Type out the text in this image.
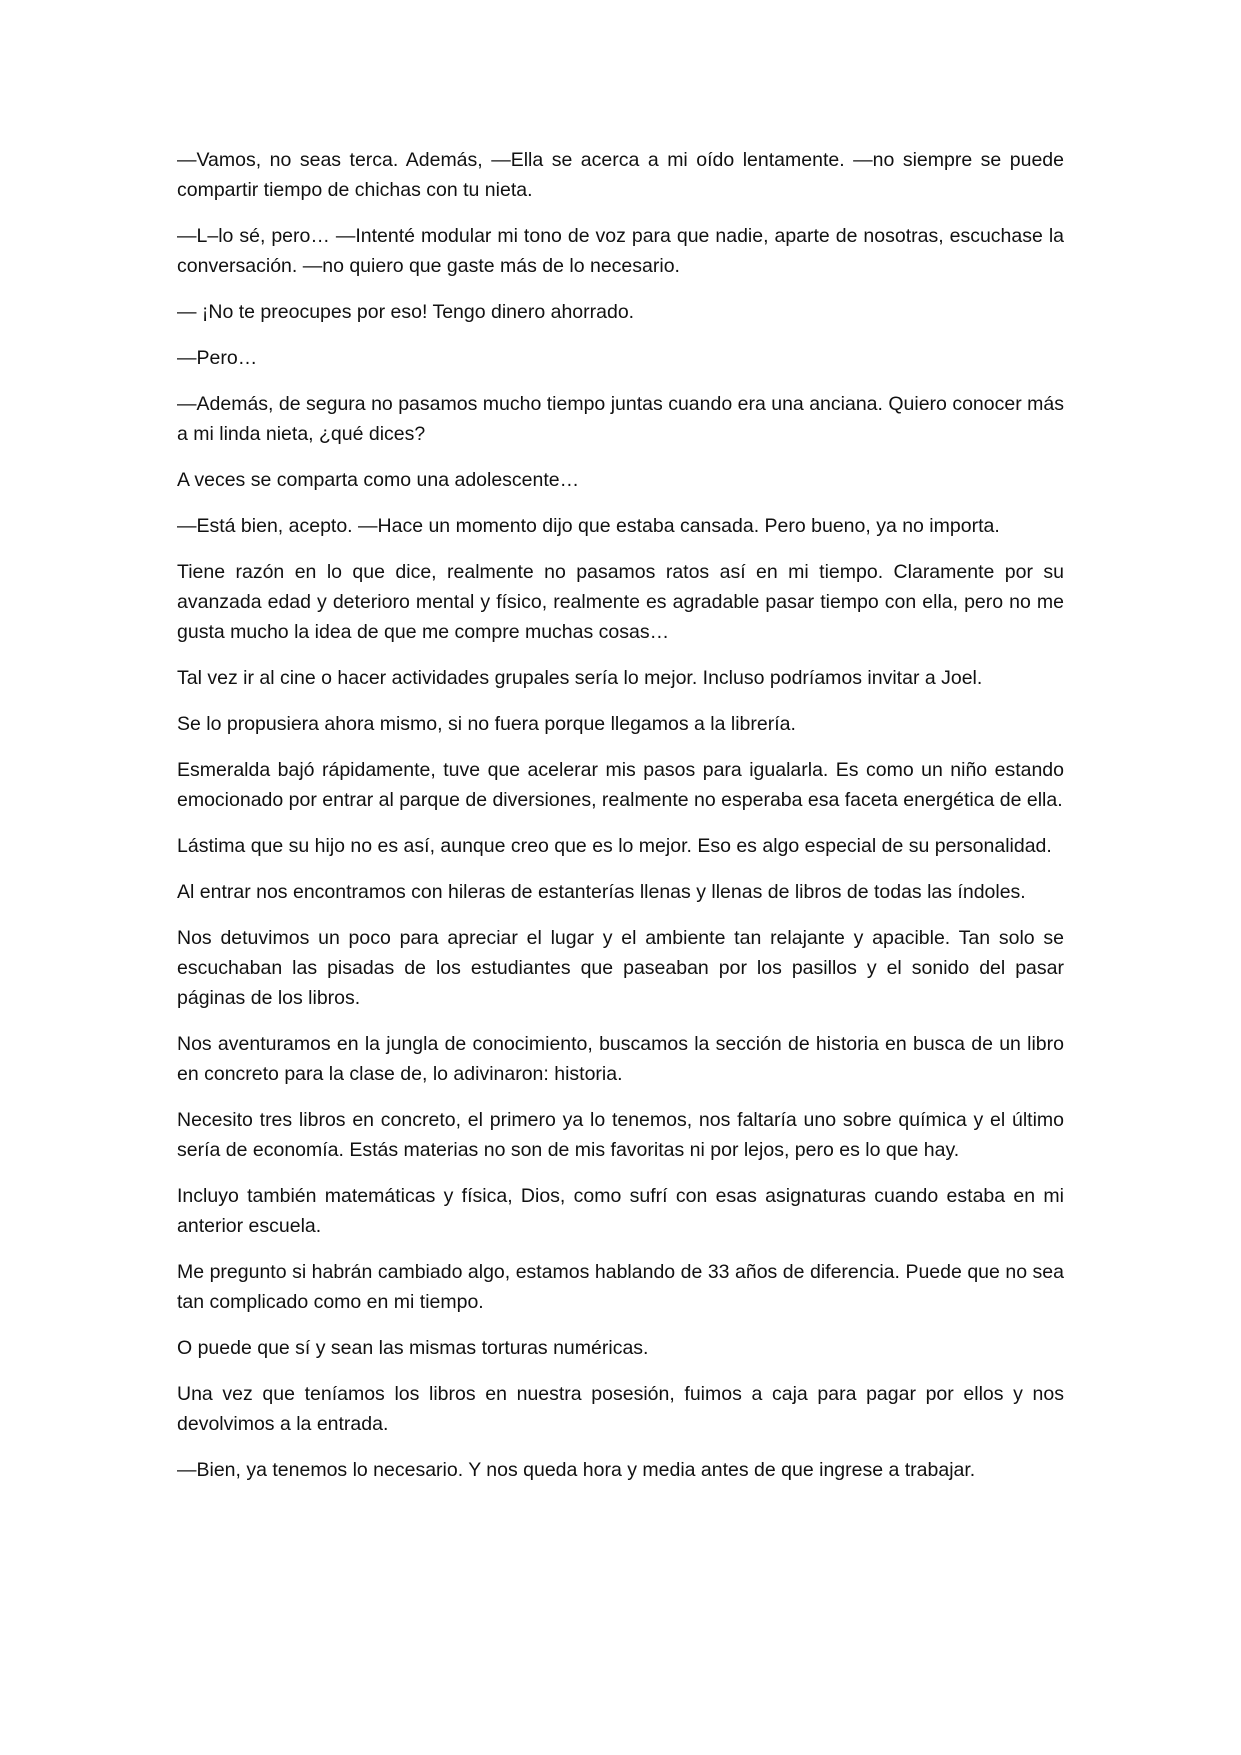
—Vamos, no seas terca. Además, —Ella se acerca a mi oído lentamente. —no siempre se puede compartir tiempo de chichas con tu nieta.

—L–lo sé, pero… —Intenté modular mi tono de voz para que nadie, aparte de nosotras, escuchase la conversación. —no quiero que gaste más de lo necesario.

— ¡No te preocupes por eso! Tengo dinero ahorrado.

—Pero…

—Además, de segura no pasamos mucho tiempo juntas cuando era una anciana. Quiero conocer más a mi linda nieta, ¿qué dices?

A veces se comparta como una adolescente…

—Está bien, acepto. —Hace un momento dijo que estaba cansada. Pero bueno, ya no importa.

Tiene razón en lo que dice, realmente no pasamos ratos así en mi tiempo. Claramente por su avanzada edad y deterioro mental y físico, realmente es agradable pasar tiempo con ella, pero no me gusta mucho la idea de que me compre muchas cosas…

Tal vez ir al cine o hacer actividades grupales sería lo mejor. Incluso podríamos invitar a Joel.

Se lo propusiera ahora mismo, si no fuera porque llegamos a la librería.

Esmeralda bajó rápidamente, tuve que acelerar mis pasos para igualarla. Es como un niño estando emocionado por entrar al parque de diversiones, realmente no esperaba esa faceta energética de ella.

Lástima que su hijo no es así, aunque creo que es lo mejor. Eso es algo especial de su personalidad.

Al entrar nos encontramos con hileras de estanterías llenas y llenas de libros de todas las índoles.

Nos detuvimos un poco para apreciar el lugar y el ambiente tan relajante y apacible. Tan solo se escuchaban las pisadas de los estudiantes que paseaban por los pasillos y el sonido del pasar páginas de los libros.

Nos aventuramos en la jungla de conocimiento, buscamos la sección de historia en busca de un libro en concreto para la clase de, lo adivinaron: historia.

Necesito tres libros en concreto, el primero ya lo tenemos, nos faltaría uno sobre química y el último sería de economía. Estás materias no son de mis favoritas ni por lejos, pero es lo que hay.

Incluyo también matemáticas y física, Dios, como sufrí con esas asignaturas cuando estaba en mi anterior escuela.

Me pregunto si habrán cambiado algo, estamos hablando de 33 años de diferencia. Puede que no sea tan complicado como en mi tiempo.

O puede que sí y sean las mismas torturas numéricas.

Una vez que teníamos los libros en nuestra posesión, fuimos a caja para pagar por ellos y nos devolvimos a la entrada.

—Bien, ya tenemos lo necesario. Y nos queda hora y media antes de que ingrese a trabajar.
